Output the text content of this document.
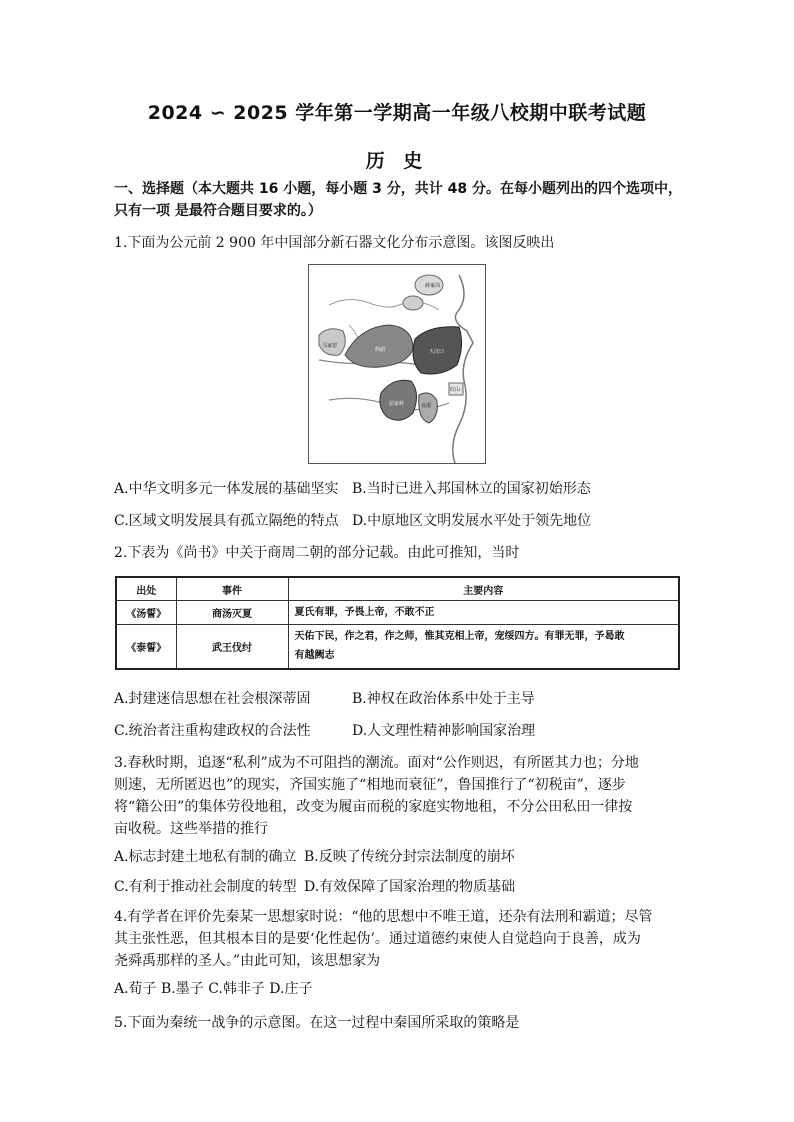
2024 ∽ 2025 学年第一学期高一年级八校期中联考试题
历 史
一、选择题（本大题共 16 小题，每小题 3 分，共计 48 分。在每小题列出的四个选项中，
只有一项 是最符合题目要求的。）
1.下面为公元前 2 900 年中国部分新石器文化分布示意图。该图反映出
薛家岗
马家窑
仰韶	大汶口
屈家岭	良渚
红山
A.中华文明多元一体发展的基础坚实 B.当时已进入邦国林立的国家初始形态
C.区域文明发展具有孤立隔绝的特点 D.中原地区文明发展水平处于领先地位
2.下表为《尚书》中关于商周二朝的部分记载。由此可推知，当时
出处	事件	主要内容
《汤誓》	商汤灭夏	夏氏有罪，予畏上帝，不敢不正
《泰誓》	武王伐纣	天佑下民，作之君，作之师，惟其克相上帝，宠绥四方。有罪无罪，予曷敢
有越阙志
A.封建迷信思想在社会根深蒂固	B.神权在政治体系中处于主导
C.统治者注重构建政权的合法性	D.人文理性精神影响国家治理
3.春秋时期，追逐“私利”成为不可阻挡的潮流。面对“公作则迟，有所匿其力也；分地
则速，无所匿迟也”的现实，齐国实施了“相地而衰征”，鲁国推行了“初税亩”，逐步
将“籍公田”的集体劳役地租，改变为履亩而税的家庭实物地租，不分公田私田一律按
亩收税。这些举措的推行
A.标志封建土地私有制的确立 B.反映了传统分封宗法制度的崩坏
C.有利于推动社会制度的转型 D.有效保障了国家治理的物质基础
4.有学者在评价先秦某一思想家时说：“他的思想中不唯王道，还杂有法刑和霸道；尽管
其主张性恶，但其根本目的是要‘化性起伪’。通过道德约束使人自觉趋向于良善，成为
尧舜禹那样的圣人。”由此可知，该思想家为
A.荀子 B.墨子 C.韩非子 D.庄子
5.下面为秦统一战争的示意图。在这一过程中秦国所采取的策略是
